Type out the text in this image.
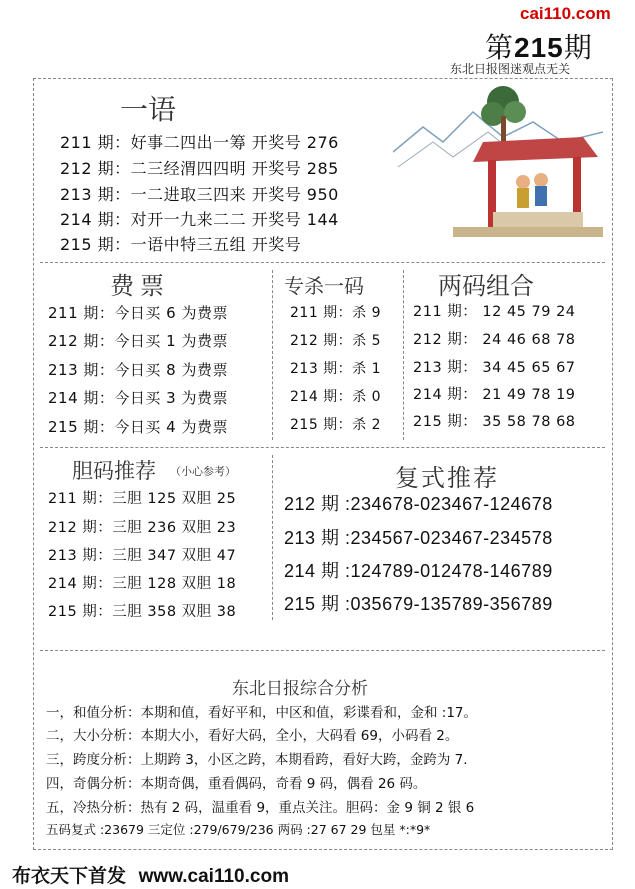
cai110.com
第215期
东北日报图迷观点无关
一语
211 期：好事二四出一筹 开奖号 276
212 期：二三经渭四四明 开奖号 285
213 期：一二进取三四来 开奖号 950
214 期：对开一九来二二 开奖号 144
215 期：一语中特三五组 开奖号
费票
211 期：今日买 6 为费票
212 期：今日买 1 为费票
213 期：今日买 8 为费票
214 期：今日买 3 为费票
215 期：今日买 4 为费票
专杀一码
211 期：杀 9
212 期：杀 5
213 期：杀 1
214 期：杀 0
215 期：杀 2
两码组合
211 期： 12 45 79 24
212 期： 24 46 68 78
213 期： 34 45 65 67
214 期： 21 49 78 19
215 期： 35 58 78 68
胆码推荐 （小心参考）
211 期：三胆 125 双胆 25
212 期：三胆 236 双胆 23
213 期：三胆 347 双胆 47
214 期：三胆 128 双胆 18
215 期：三胆 358 双胆 38
复式推荐
212 期 :234678-023467-124678
213 期 :234567-023467-234578
214 期 :124789-012478-146789
215 期 :035679-135789-356789
东北日报综合分析
一，和值分析：本期和值，看好平和，中区和值，彩谍看和，金和 :17。
二，大小分析：本期大小，看好大码，全小，大码看 69，小码看 2。
三，跨度分析：上期跨 3，小区之跨，本期看跨，看好大跨，金跨为 7.
四，奇偶分析：本期奇偶，重看偶码，奇看 9 码，偶看 26 码。
五，冷热分析：热有 2 码，温重看 9，重点关注。胆码：金 9 铜 2 银 6
五码复式 :23679 三定位 :279/679/236 两码 :27 67 29 包星 *:*9*
布衣天下首发 www.cai110.com
